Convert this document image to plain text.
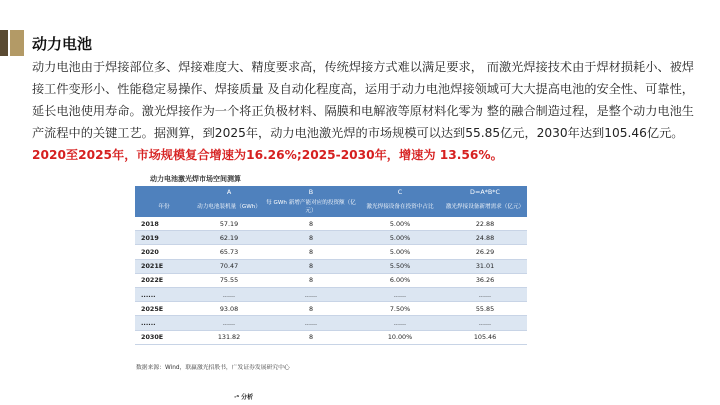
动力电池
动力电池由于焊接部位多、焊接难度大、精度要求高，传统焊接方式难以满足要求， 而激光焊接技术由于焊材损耗小、被焊接工件变形小、性能稳定易操作、焊接质量 及自动化程度高，运用于动力电池焊接领域可大大提高电池的安全性、可靠性，延长电池使用寿命。激光焊接作为一个将正负极材料、隔膜和电解液等原材料化零为 整的融合制造过程，是整个动力电池生产流程中的关键工艺。据测算，到2025年，动力电池激光焊的市场规模可以达到55.85亿元，2030年达到105.46亿元。2020至2025年，市场规模复合增速为16.26%;2025-2030年，增速为 13.56%。
动力电池激光焊市场空间测算
	A	B	C	D=A*B*C
年份	动力电池装机量（GWh）	每 GWh 新增产能对应的投资额（亿元）	激光焊接设备在投资中占比	激光焊接设备新增需求（亿元）
2018	57.19	8	5.00%	22.88
2019	62.19	8	5.00%	24.88
2020	65.73	8	5.00%	26.29
2021E	70.47	8	5.50%	31.01
2022E	75.55	8	6.00%	36.26
......	......	......	......	......
2025E	93.08	8	7.50%	55.85
......	......	......	......	......
2030E	131.82	8	10.00%	105.46
数据来源：Wind，联赢激光招股书，广发证券发展研究中心
·ᵃ 分析
